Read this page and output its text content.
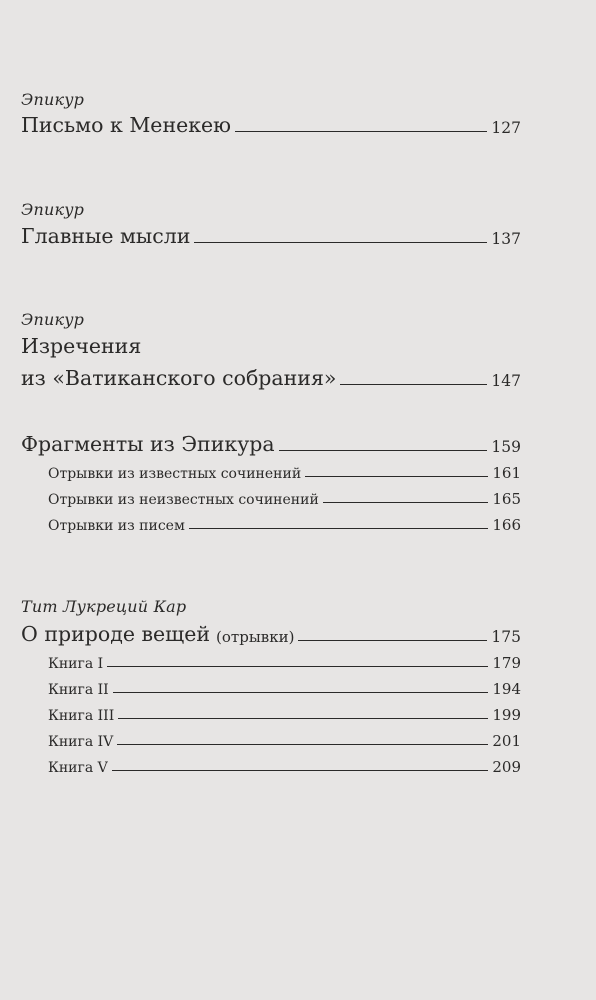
Эпикур
Письмо к Менекею	127
Эпикур
Главные мысли	137
Эпикур
Изречения
из «Ватиканского собрания»	147
Фрагменты из Эпикура	159
Отрывки из известных сочинений	161
Отрывки из неизвестных сочинений	165
Отрывки из писем	166
Тит Лукреций Кар
О природе вещей (отрывки)	175
Книга I	179
Книга II	194
Книга III	199
Книга IV	201
Книга V	209
